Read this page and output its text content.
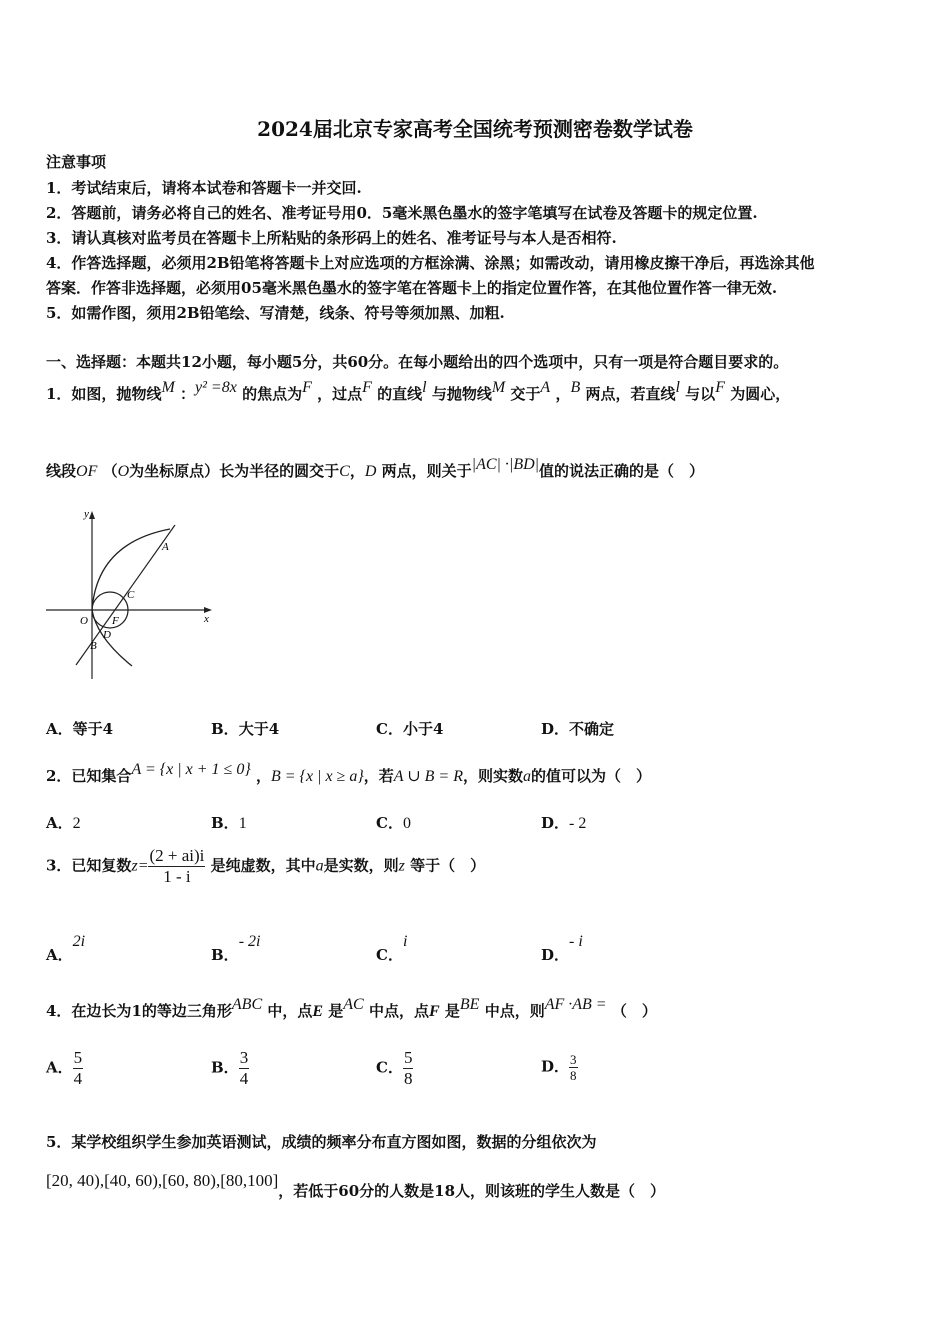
2024届北京专家高考全国统考预测密卷数学试卷
注意事项
1．考试结束后，请将本试卷和答题卡一并交回.
2．答题前，请务必将自己的姓名、准考证号用0．5毫米黑色墨水的签字笔填写在试卷及答题卡的规定位置.
3．请认真核对监考员在答题卡上所粘贴的条形码上的姓名、准考证号与本人是否相符.
4．作答选择题，必须用2B铅笔将答题卡上对应选项的方框涂满、涂黑；如需改动，请用橡皮擦干净后，再选涂其他
答案．作答非选择题，必须用05毫米黑色墨水的签字笔在答题卡上的指定位置作答，在其他位置作答一律无效.
5．如需作图，须用2B铅笔绘、写清楚，线条、符号等须加黑、加粗.
一、选择题：本题共12小题，每小题5分，共60分。在每小题给出的四个选项中，只有一项是符合题目要求的。
1．如图，抛物线M ：y² =8x 的焦点为F ，过点F 的直线l 与抛物线M 交于A ，B 两点，若直线l 与以F 为圆心，
线段OF （O为坐标原点）长为半径的圆交于C，D 两点，则关于|AC| ·|BD|值的说法正确的是（　）
y
x
O F
A
C
D
B
A．等于4	B．大于4	C．小于4	D．不确定
2．已知集合A = {x | x + 1 ≤ 0} ，B = {x | x ≥ a}，若A ∪ B = R，则实数a的值可以为（　）
A．2	B．1	C．0	D．- 2
3．已知复数$z= \frac{(2 + ai)i}{1 - i}$ 是纯虚数，其中a是实数，则z 等于（　）
A．2i
B．- 2i
C．i
D．- i
4．在边长为1的等边三角形ABC 中，点E 是AC 中点，点F 是BE 中点，则AF ·AB = （　）
A． $\frac{5}{4}$	B． $\frac{3}{4}$	C． $\frac{5}{8}$	D． $\frac{3}{8}$
5．某学校组织学生参加英语测试，成绩的频率分布直方图如图，数据的分组依次为
[20, 40),[40, 60),[60, 80),[80,100]，若低于60分的人数是18人，则该班的学生人数是（　）
